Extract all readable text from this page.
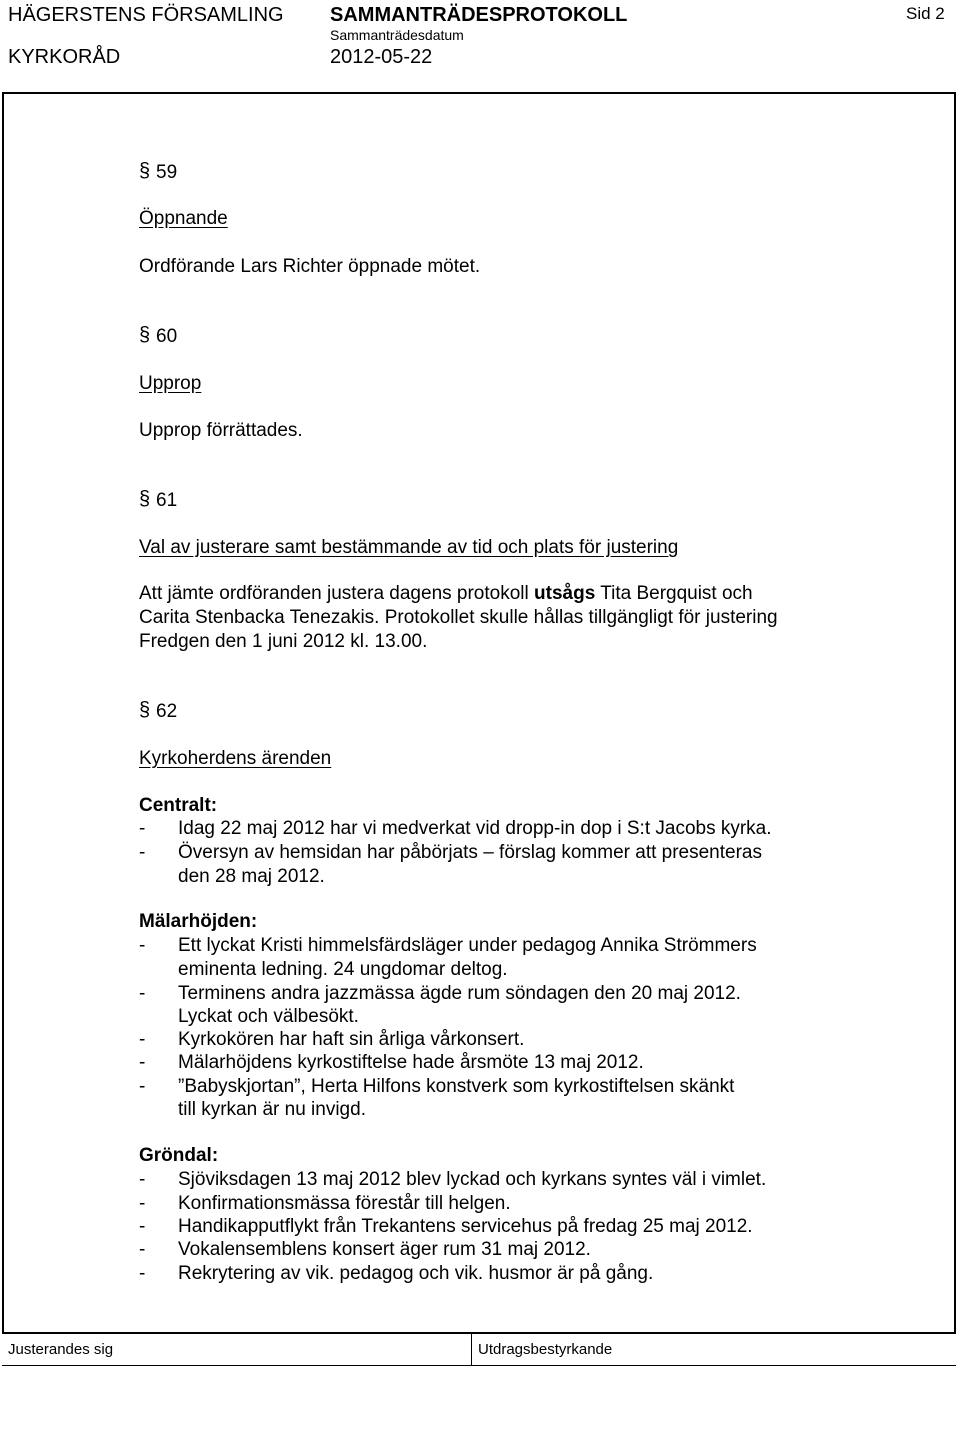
HÄGERSTENS FÖRSAMLING SAMMANTRÄDESPROTOKOLL	Sid 2
Sammanträdesdatum
KYRKORÅD	2012-05-22
§ 59
Öppnande
Ordförande Lars Richter öppnade mötet.
§ 60
Upprop
Upprop förrättades.
§ 61
Val av justerare samt bestämmande av tid och plats för justering
Att jämte ordföranden justera dagens protokoll utsågs Tita Bergquist och
Carita Stenbacka Tenezakis. Protokollet skulle hållas tillgängligt för justering
Fredgen den 1 juni 2012 kl. 13.00.
§ 62
Kyrkoherdens ärenden
Centralt:
- Idag 22 maj 2012 har vi medverkat vid dropp-in dop i S:t Jacobs kyrka.
- Översyn av hemsidan har påbörjats – förslag kommer att presenteras
den 28 maj 2012.
Mälarhöjden:
- Ett lyckat Kristi himmelsfärdsläger under pedagog Annika Strömmers
eminenta ledning. 24 ungdomar deltog.
- Terminens andra jazzmässa ägde rum söndagen den 20 maj 2012.
Lyckat och välbesökt.
- Kyrkokören har haft sin årliga vårkonsert.
- Mälarhöjdens kyrkostiftelse hade årsmöte 13 maj 2012.
- ”Babyskjortan”, Herta Hilfons konstverk som kyrkostiftelsen skänkt
till kyrkan är nu invigd.
Gröndal:
- Sjöviksdagen 13 maj 2012 blev lyckad och kyrkans syntes väl i vimlet.
- Konfirmationsmässa förestår till helgen.
- Handikapputflykt från Trekantens servicehus på fredag 25 maj 2012.
- Vokalensemblens konsert äger rum 31 maj 2012.
- Rekrytering av vik. pedagog och vik. husmor är på gång.
Justerandes sig	Utdragsbestyrkande
